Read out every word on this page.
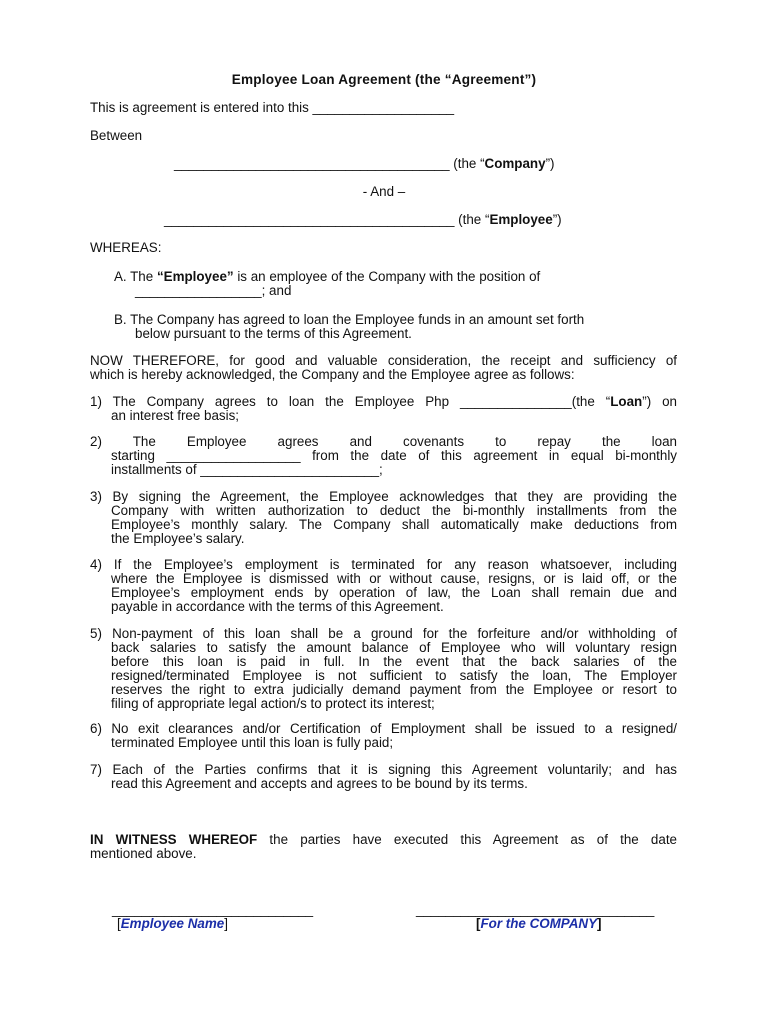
Employee Loan Agreement (the “Agreement”)
This is agreement is entered into this ___________________
Between
_____________________________________ (the “Company”)
- And –
_______________________________________ (the “Employee”)
WHEREAS:
A. The “Employee” is an employee of the Company with the position of
_________________; and
B. The Company has agreed to loan the Employee funds in an amount set forth
below pursuant to the terms of this Agreement.
NOW THEREFORE, for good and valuable consideration, the receipt and sufficiency of
which is hereby acknowledged, the Company and the Employee agree as follows:
1) The Company agrees to loan the Employee Php _______________(the “Loan”) on
an interest free basis;
2) The Employee agrees and covenants to repay the loan
starting __________________ from the date of this agreement in equal bi-monthly
installments of ________________________;
3) By signing the Agreement, the Employee acknowledges that they are providing the
Company with written authorization to deduct the bi-monthly installments from the
Employee’s monthly salary. The Company shall automatically make deductions from
the Employee’s salary.
4) If the Employee’s employment is terminated for any reason whatsoever, including
where the Employee is dismissed with or without cause, resigns, or is laid off, or the
Employee’s employment ends by operation of law, the Loan shall remain due and
payable in accordance with the terms of this Agreement.
5) Non-payment of this loan shall be a ground for the forfeiture and/or withholding of
back salaries to satisfy the amount balance of Employee who will voluntary resign
before this loan is paid in full. In the event that the back salaries of the
resigned/terminated Employee is not sufficient to satisfy the loan, The Employer
reserves the right to extra judicially demand payment from the Employee or resort to
filing of appropriate legal action/s to protect its interest;
6) No exit clearances and/or Certification of Employment shall be issued to a resigned/
terminated Employee until this loan is fully paid;
7) Each of the Parties confirms that it is signing this Agreement voluntarily; and has
read this Agreement and accepts and agrees to be bound by its terms.
IN WITNESS WHEREOF the parties have executed this Agreement as of the date
mentioned above.
___________________________
[Employee Name]
________________________________
[For the COMPANY]
